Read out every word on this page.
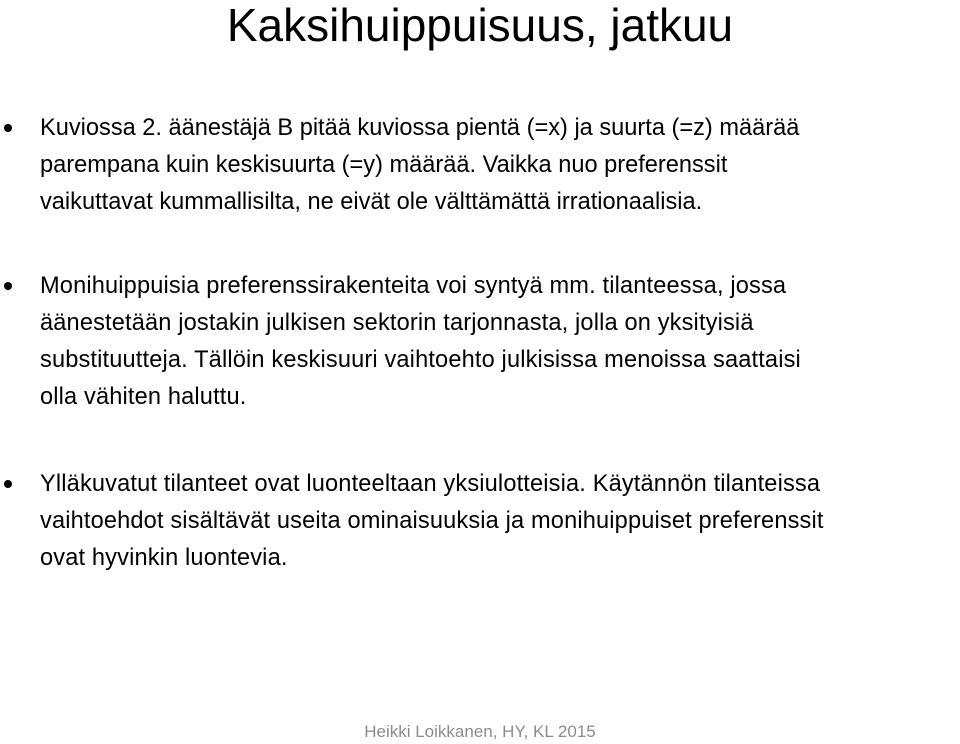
Kaksihuippuisuus, jatkuu
Kuviossa 2. äänestäjä B pitää kuviossa pientä (=x) ja suurta (=z) määrää
parempana kuin keskisuurta (=y) määrää. Vaikka nuo preferenssit
vaikuttavat kummallisilta, ne eivät ole välttämättä irrationaalisia.
Monihuippuisia preferenssirakenteita voi syntyä mm. tilanteessa, jossa
äänestetään jostakin julkisen sektorin tarjonnasta, jolla on yksityisiä
substituutteja. Tällöin keskisuuri vaihtoehto julkisissa menoissa saattaisi
olla vähiten haluttu.
Ylläkuvatut tilanteet ovat luonteeltaan yksiulotteisia. Käytännön tilanteissa
vaihtoehdot sisältävät useita ominaisuuksia ja monihuippuiset preferenssit
ovat hyvinkin luontevia.
Heikki Loikkanen, HY, KL 2015
